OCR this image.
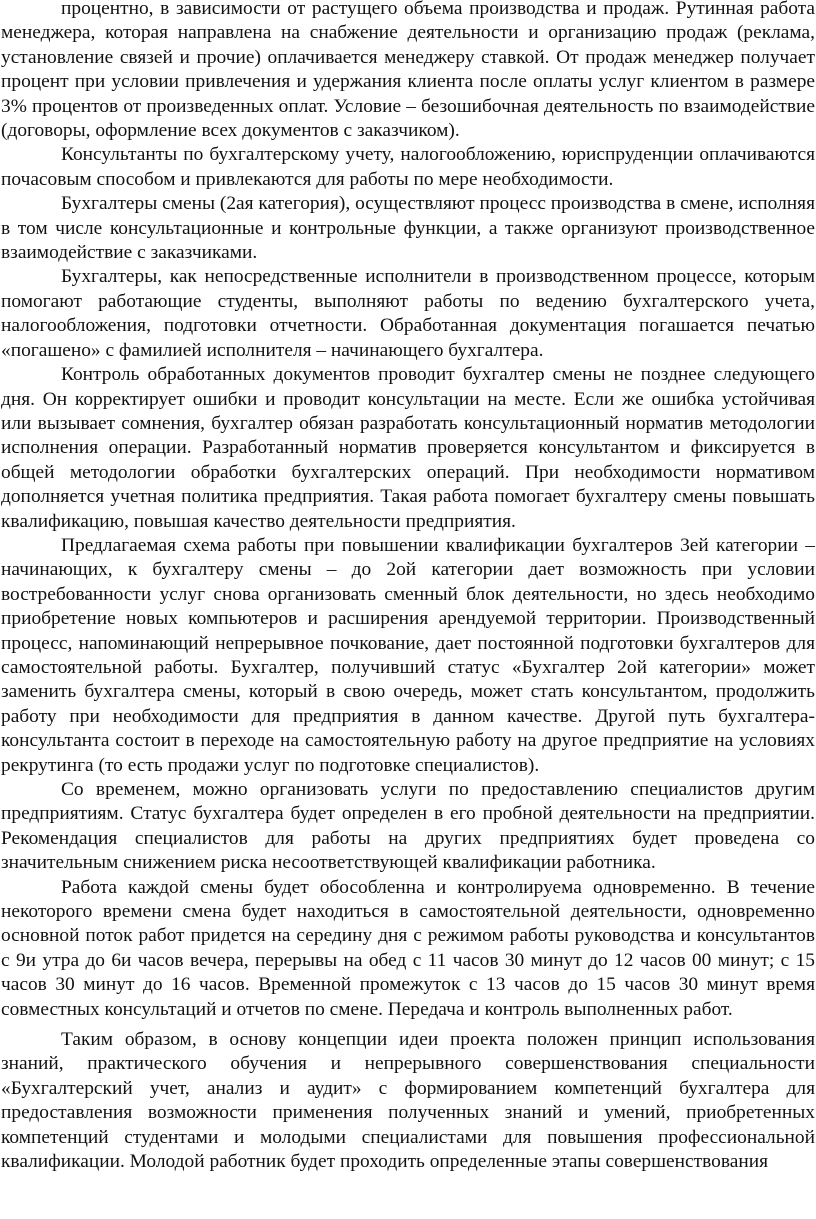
процентно, в зависимости от растущего объема производства и продаж. Рутинная работа менеджера, которая направлена на снабжение деятельности и организацию продаж (реклама, установление связей и прочие) оплачивается менеджеру ставкой. От продаж менеджер получает процент при условии привлечения и удержания клиента после оплаты услуг клиентом в размере 3% процентов от произведенных оплат. Условие – безошибочная деятельность по взаимодействие (договоры, оформление всех документов с заказчиком).

Консультанты по бухгалтерскому учету, налогообложению, юриспруденции оплачиваются почасовым способом и привлекаются для работы по мере необходимости.

Бухгалтеры смены (2ая категория), осуществляют процесс производства в смене, исполняя в том числе консультационные и контрольные функции, а также организуют производственное взаимодействие с заказчиками.

Бухгалтеры, как непосредственные исполнители в производственном процессе, которым помогают работающие студенты, выполняют работы по ведению бухгалтерского учета, налогообложения, подготовки отчетности. Обработанная документация погашается печатью «погашено» с фамилией исполнителя – начинающего бухгалтера.

Контроль обработанных документов проводит бухгалтер смены не позднее следующего дня. Он корректирует ошибки и проводит консультации на месте. Если же ошибка устойчивая или вызывает сомнения, бухгалтер обязан разработать консультационный норматив методологии исполнения операции. Разработанный норматив проверяется консультантом и фиксируется в общей методологии обработки бухгалтерских операций. При необходимости нормативом дополняется учетная политика предприятия. Такая работа помогает бухгалтеру смены повышать квалификацию, повышая качество деятельности предприятия.

Предлагаемая схема работы при повышении квалификации бухгалтеров 3ей категории – начинающих, к бухгалтеру смены – до 2ой категории дает возможность при условии востребованности услуг снова организовать сменный блок деятельности, но здесь необходимо приобретение новых компьютеров и расширения арендуемой территории. Производственный процесс, напоминающий непрерывное почкование, дает постоянной подготовки бухгалтеров для самостоятельной работы. Бухгалтер, получивший статус «Бухгалтер 2ой категории» может заменить бухгалтера смены, который в свою очередь, может стать консультантом, продолжить работу при необходимости для предприятия в данном качестве. Другой путь бухгалтера-консультанта состоит в переходе на самостоятельную работу на другое предприятие на условиях рекрутинга (то есть продажи услуг по подготовке специалистов).

Со временем, можно организовать услуги по предоставлению специалистов другим предприятиям. Статус бухгалтера будет определен в его пробной деятельности на предприятии. Рекомендация специалистов для работы на других предприятиях будет проведена со значительным снижением риска несоответствующей квалификации работника.

Работа каждой смены будет обособленна и контролируема одновременно. В течение некоторого времени смена будет находиться в самостоятельной деятельности, одновременно основной поток работ придется на середину дня с режимом работы руководства и консультантов с 9и утра до 6и часов вечера, перерывы на обед с 11 часов 30 минут до 12 часов 00 минут; с 15 часов 30 минут до 16 часов. Временной промежуток с 13 часов до 15 часов 30 минут время совместных консультаций и отчетов по смене. Передача и контроль выполненных работ.

Таким образом, в основу концепции идеи проекта положен принцип использования знаний, практического обучения и непрерывного совершенствования специальности «Бухгалтерский учет, анализ и аудит» с формированием компетенций бухгалтера для предоставления возможности применения полученных знаний и умений, приобретенных компетенций студентами и молодыми специалистами для повышения профессиональной квалификации. Молодой работник будет проходить определенные этапы совершенствования
